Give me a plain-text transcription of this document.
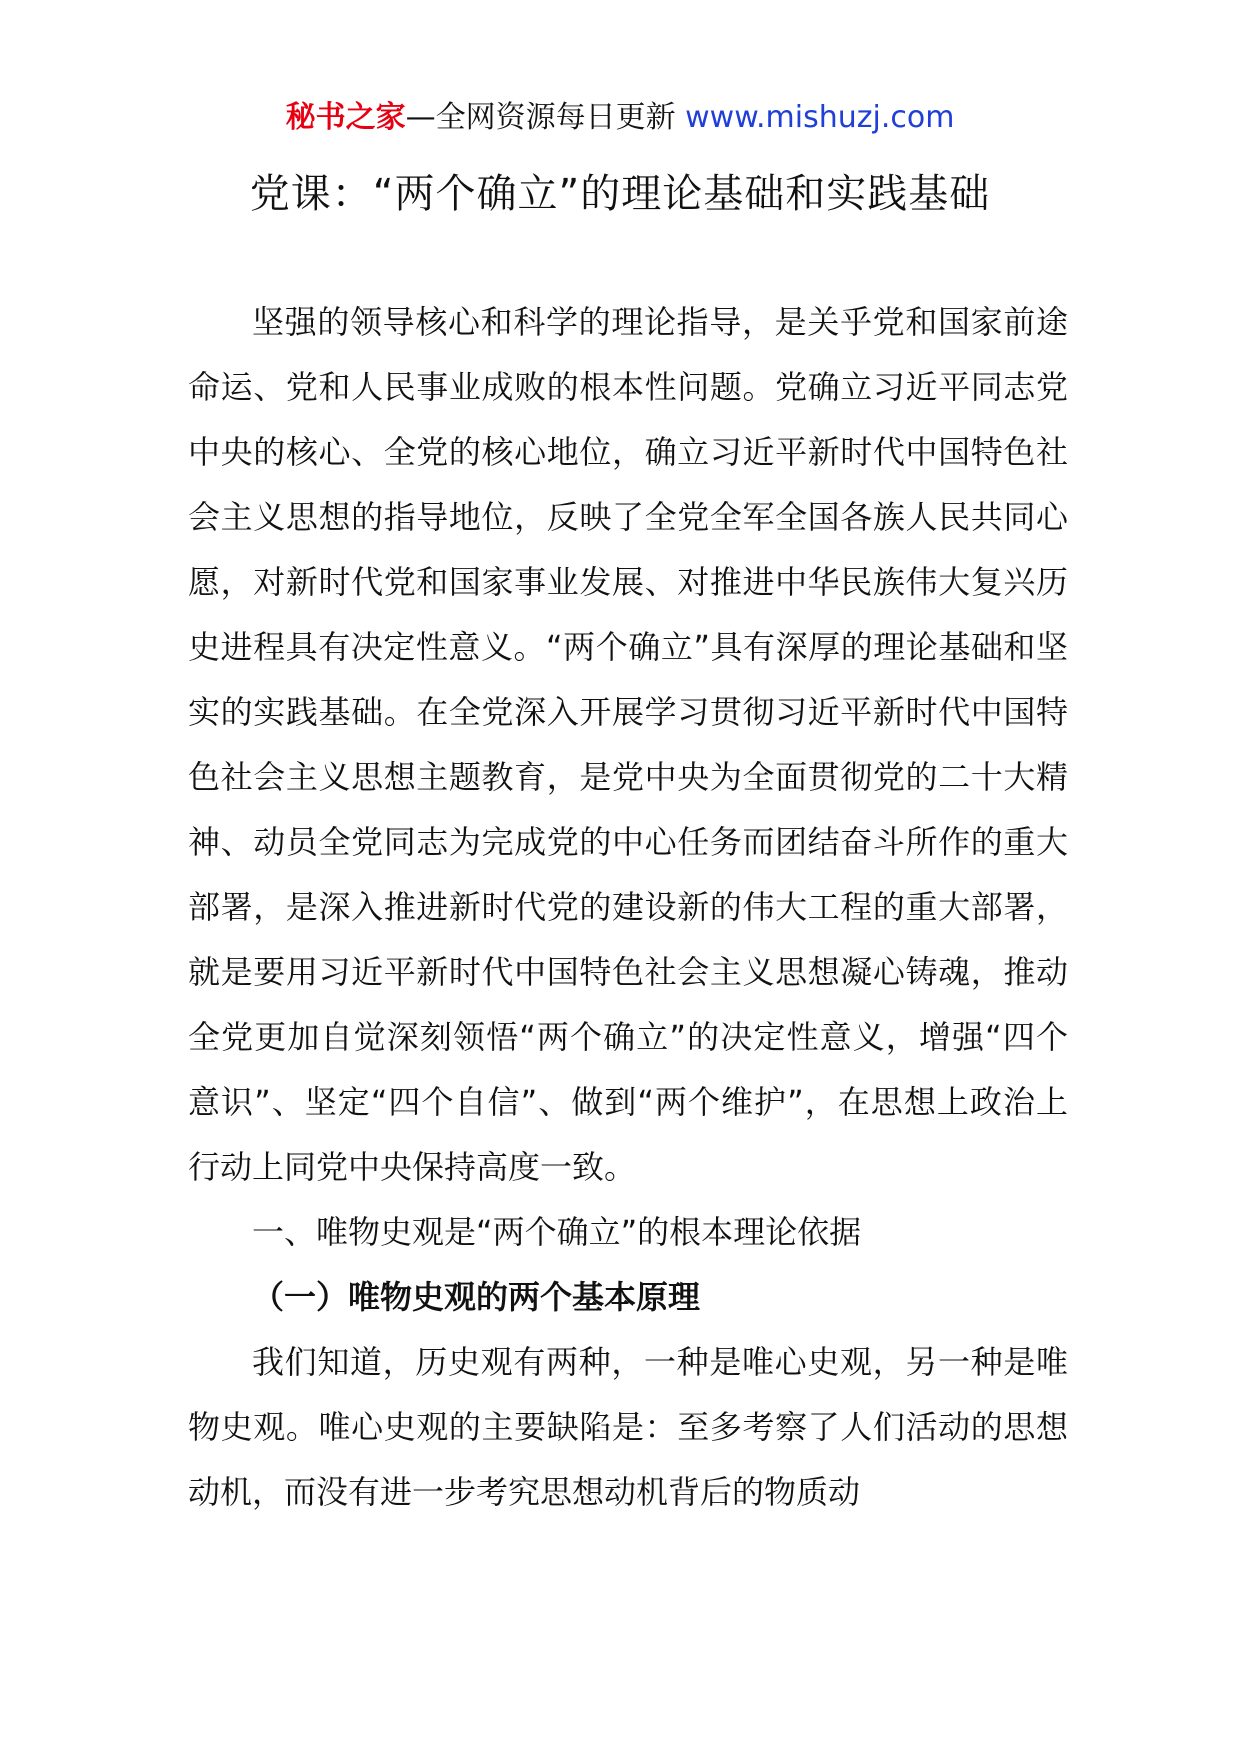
秘书之家—全网资源每日更新 www.mishuzj.com
党课：“两个确立”的理论基础和实践基础

坚强的领导核心和科学的理论指导，是关乎党和国家前途命运、党和人民事业成败的根本性问题。党确立习近平同志党中央的核心、全党的核心地位，确立习近平新时代中国特色社会主义思想的指导地位，反映了全党全军全国各族人民共同心愿，对新时代党和国家事业发展、对推进中华民族伟大复兴历史进程具有决定性意义。“两个确立”具有深厚的理论基础和坚实的实践基础。在全党深入开展学习贯彻习近平新时代中国特色社会主义思想主题教育，是党中央为全面贯彻党的二十大精神、动员全党同志为完成党的中心任务而团结奋斗所作的重大部署，是深入推进新时代党的建设新的伟大工程的重大部署，就是要用习近平新时代中国特色社会主义思想凝心铸魂，推动全党更加自觉深刻领悟“两个确立”的决定性意义，增强“四个意识”、坚定“四个自信”、做到“两个维护”，在思想上政治上行动上同党中央保持高度一致。

一、唯物史观是“两个确立”的根本理论依据

（一）唯物史观的两个基本原理

我们知道，历史观有两种，一种是唯心史观，另一种是唯物史观。唯心史观的主要缺陷是：至多考察了人们活动的思想动机，而没有进一步考究思想动机背后的物质动
